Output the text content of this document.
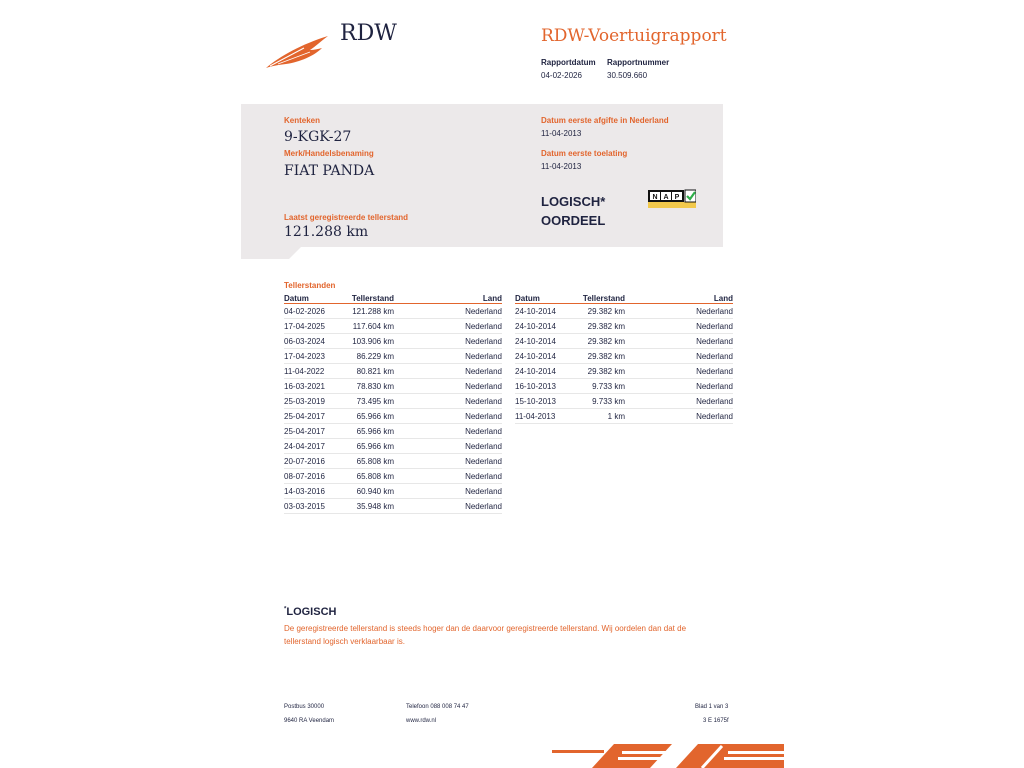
RDW	RDW-Voertuigrapport
Rapportdatum
04-02-2026
Rapportnummer
30.509.660
Kenteken
9-KGK-27
Merk/Handelsbenaming
FIAT PANDA
Datum eerste afgifte in Nederland
11-04-2013
Datum eerste toelating
11-04-2013
LOGISCH*
OORDEEL
N A P
Laatst geregistreerde tellerstand
121.288 km
Tellerstanden
Datum	Tellerstand	Land
04-02-2026	121.288 km	Nederland
17-04-2025	117.604 km	Nederland
06-03-2024	103.906 km	Nederland
17-04-2023	86.229 km	Nederland
11-04-2022	80.821 km	Nederland
16-03-2021	78.830 km	Nederland
25-03-2019	73.495 km	Nederland
25-04-2017	65.966 km	Nederland
25-04-2017	65.966 km	Nederland
24-04-2017	65.966 km	Nederland
20-07-2016	65.808 km	Nederland
08-07-2016	65.808 km	Nederland
14-03-2016	60.940 km	Nederland
03-03-2015	35.948 km	Nederland
Datum	Tellerstand	Land
24-10-2014	29.382 km	Nederland
24-10-2014	29.382 km	Nederland
24-10-2014	29.382 km	Nederland
24-10-2014	29.382 km	Nederland
24-10-2014	29.382 km	Nederland
16-10-2013	9.733 km	Nederland
15-10-2013	9.733 km	Nederland
11-04-2013	1 km	Nederland
*LOGISCH
De geregistreerde tellerstand is steeds hoger dan de daarvoor geregistreerde tellerstand. Wij oordelen dan dat de tellerstand logisch verklaarbaar is.
Postbus 30000
9640 RA Veendam
Telefoon 088 008 74 47
www.rdw.nl
Blad 1 van 3
3 E 1675f
